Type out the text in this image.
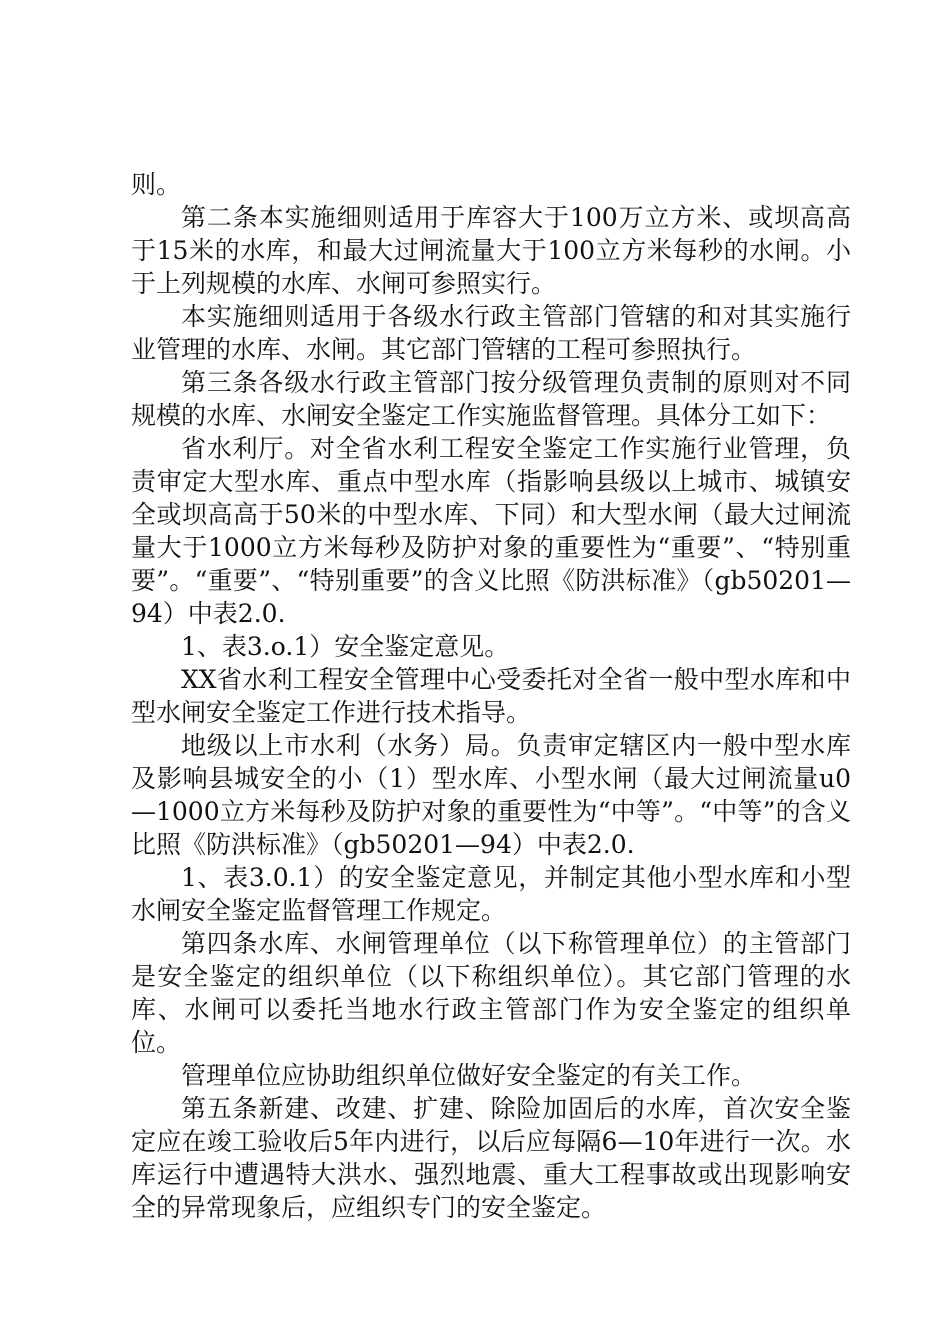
则。

第二条本实施细则适用于库容大于100万立方米、或坝高高于15米的水库，和最大过闸流量大于100立方米每秒的水闸。小于上列规模的水库、水闸可参照实行。

本实施细则适用于各级水行政主管部门管辖的和对其实施行业管理的水库、水闸。其它部门管辖的工程可参照执行。

第三条各级水行政主管部门按分级管理负责制的原则对不同规模的水库、水闸安全鉴定工作实施监督管理。具体分工如下：

省水利厅。对全省水利工程安全鉴定工作实施行业管理，负责审定大型水库、重点中型水库（指影响县级以上城市、城镇安全或坝高高于50米的中型水库、下同）和大型水闸（最大过闸流量大于1000立方米每秒及防护对象的重要性为“重要”、“特别重要”。“重要”、“特别重要”的含义比照《防洪标准》（gb50201—94）中表2.0.

1、表3.o.1）安全鉴定意见。

XX省水利工程安全管理中心受委托对全省一般中型水库和中型水闸安全鉴定工作进行技术指导。

地级以上市水利（水务）局。负责审定辖区内一般中型水库及影响县城安全的小（1）型水库、小型水闸（最大过闸流量u0—1000立方米每秒及防护对象的重要性为“中等”。“中等”的含义比照《防洪标准》（gb50201—94）中表2.0.

1、表3.0.1）的安全鉴定意见，并制定其他小型水库和小型水闸安全鉴定监督管理工作规定。

第四条水库、水闸管理单位（以下称管理单位）的主管部门是安全鉴定的组织单位（以下称组织单位）。其它部门管理的水库、水闸可以委托当地水行政主管部门作为安全鉴定的组织单位。

管理单位应协助组织单位做好安全鉴定的有关工作。

第五条新建、改建、扩建、除险加固后的水库，首次安全鉴定应在竣工验收后5年内进行，以后应每隔6—10年进行一次。水库运行中遭遇特大洪水、强烈地震、重大工程事故或出现影响安全的异常现象后，应组织专门的安全鉴定。
